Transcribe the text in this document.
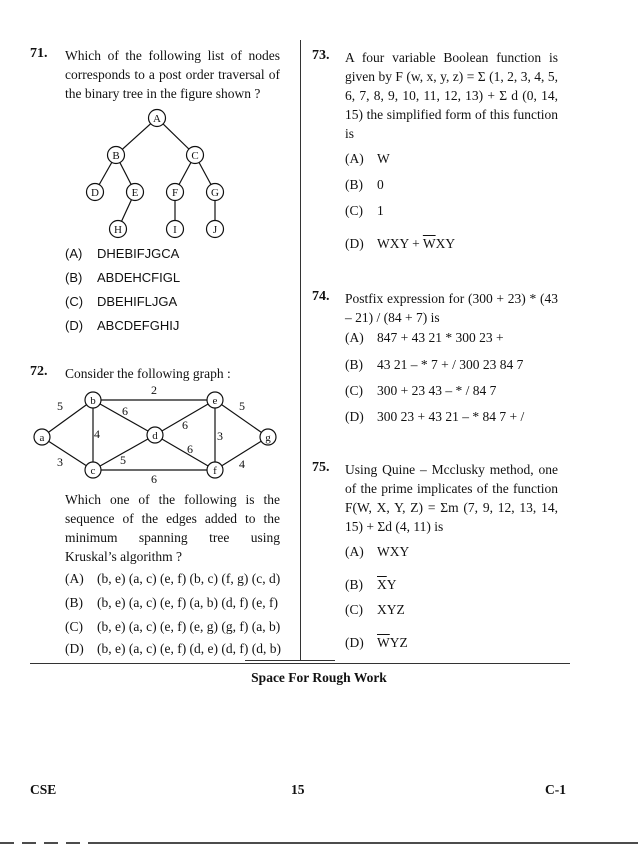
71. Which of the following list of nodes corresponds to a post order traversal of the binary tree in the figure shown ?
A
B	C
D	E	F	G
H	I	J
(A) DHEBIFJGCA
(B) ABDEHCFIGL
(C) DBEHIFLJGA
(D) ABCDEFGHIJ
72. Consider the following graph :
5
3
4
6
2
5
6
6
6
3
5
4
a
b
c
d
e
f
g
Which one of the following is the sequence of the edges added to the minimum spanning tree using Kruskal’s algorithm ?
(A) (b, e) (a, c) (e, f) (b, c) (f, g) (c, d)
(B) (b, e) (a, c) (e, f) (a, b) (d, f) (e, f)
(C) (b, e) (a, c) (e, f) (e, g) (g, f) (a, b)
(D) (b, e) (a, c) (e, f) (d, e) (d, f) (d, b)
73. A four variable Boolean function is given by F (w, x, y, z) = Σ (1, 2, 3, 4, 5, 6, 7, 8, 9, 10, 11, 12, 13) + Σ d (0, 14, 15) the simplified form of this function is
(A) W
(B) 0
(C) 1
(D) WXY + $\overline{W}XY$
74. Postfix expression for (300 + 23) * (43 – 21) / (84 + 7) is
(A) 847 + 43 21 * 300 23 +
(B) 43 21 – * 7 + / 300 23 84 7
(C) 300 + 23 43 – * / 84 7
(D) 300 23 + 43 21 – * 84 7 + /
75. Using Quine – Mcclusky method, one of the prime implicates of the function F(W, X, Y, Z) = Σm (7, 9, 12, 13, 14, 15) + Σd (4, 11) is
(A) WXY
(B) $\overline{X}Y$
(C) XYZ
(D) $\overline{W}YZ$
Space For Rough Work
CSE	15	C-1
